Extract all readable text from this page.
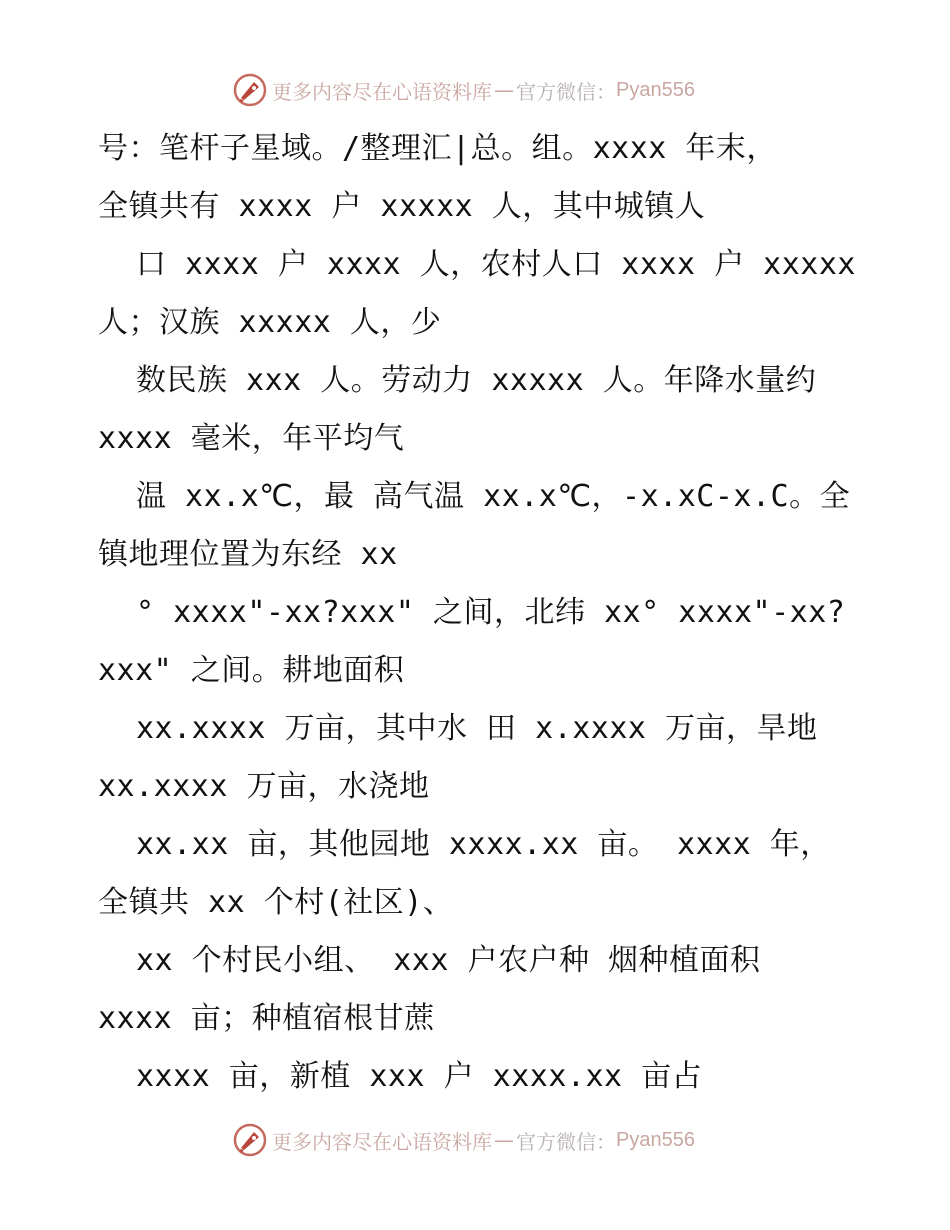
更多内容尽在心语资料库 — 官方微信： Pyan556
号：笔杆子星域。/整理汇|总。组。xxxx 年末，
全镇共有 xxxx 户 xxxxx 人，其中城镇人
口 xxxx 户 xxxx 人，农村人口 xxxx 户 xxxxx
人；汉族 xxxxx 人，少
数民族 xxx 人。劳动力 xxxxx 人。年降水量约
xxxx 毫米，年平均气
温 xx.x℃，最 高气温 xx.x℃，-x.xC-x.C。全
镇地理位置为东经 xx
° xxxx"-xx?xxx" 之间，北纬 xx° xxxx"-xx?
xxx" 之间。耕地面积
xx.xxxx 万亩，其中水 田 x.xxxx 万亩，旱地
xx.xxxx 万亩，水浇地
xx.xx 亩，其他园地 xxxx.xx 亩。 xxxx 年，
全镇共 xx 个村(社区)、
xx 个村民小组、 xxx 户农户种 烟种植面积
xxxx 亩；种植宿根甘蔗
xxxx 亩，新植 xxx 户 xxxx.xx 亩占
更多内容尽在心语资料库 — 官方微信： Pyan556
